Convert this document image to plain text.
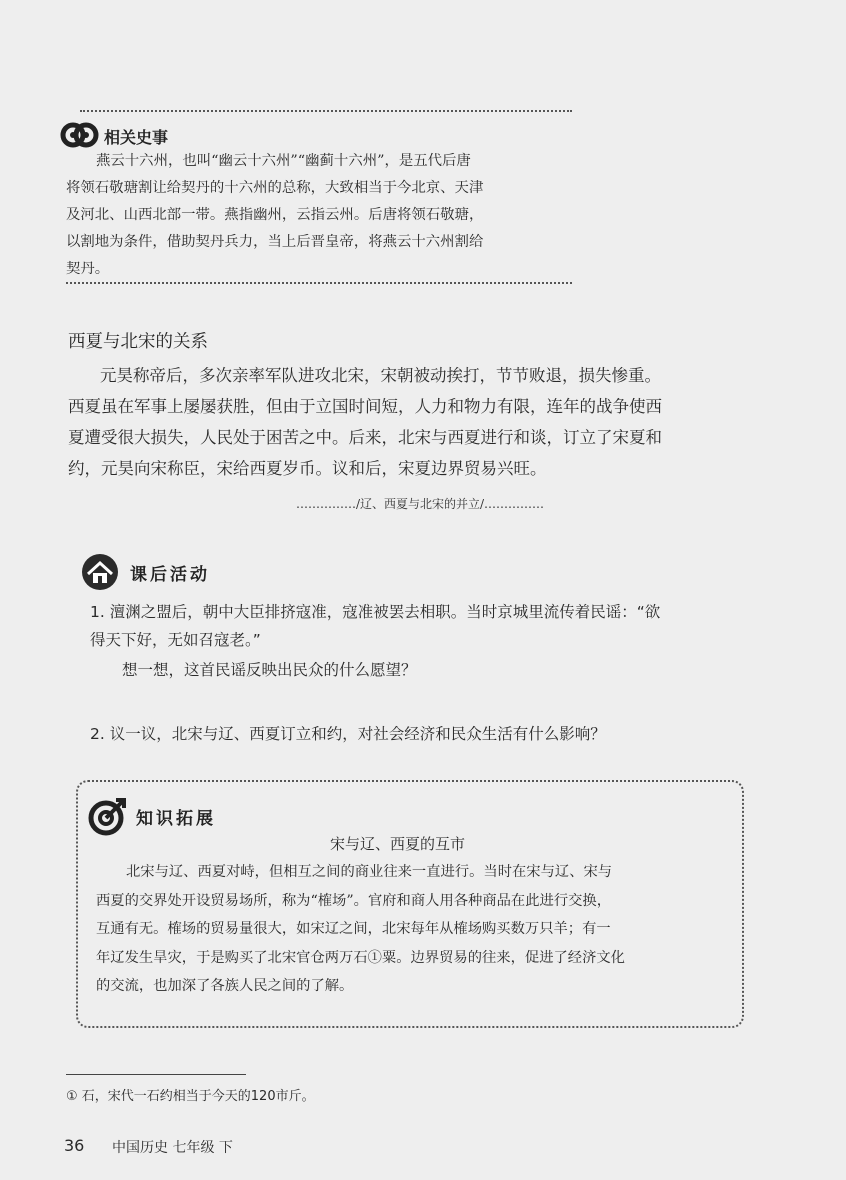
相关史事
燕云十六州，也叫“幽云十六州”“幽蓟十六州”，是五代后唐
将领石敬瑭割让给契丹的十六州的总称，大致相当于今北京、天津
及河北、山西北部一带。燕指幽州，云指云州。后唐将领石敬瑭，
以割地为条件，借助契丹兵力，当上后晋皇帝，将燕云十六州割给
契丹。
西夏与北宋的关系
元昊称帝后，多次亲率军队进攻北宋，宋朝被动挨打，节节败退，损失惨重。
西夏虽在军事上屡屡获胜，但由于立国时间短，人力和物力有限，连年的战争使西
夏遭受很大损失，人民处于困苦之中。后来，北宋与西夏进行和谈，订立了宋夏和
约，元昊向宋称臣，宋给西夏岁币。议和后，宋夏边界贸易兴旺。
……………/辽、西夏与北宋的并立/……………
课后活动
1. 澶渊之盟后，朝中大臣排挤寇准，寇准被罢去相职。当时京城里流传着民谣：“欲
得天下好，无如召寇老。”
想一想，这首民谣反映出民众的什么愿望？
2. 议一议，北宋与辽、西夏订立和约，对社会经济和民众生活有什么影响？
知识拓展
宋与辽、西夏的互市
北宋与辽、西夏对峙，但相互之间的商业往来一直进行。当时在宋与辽、宋与
西夏的交界处开设贸易场所，称为“榷场”。官府和商人用各种商品在此进行交换，
互通有无。榷场的贸易量很大，如宋辽之间，北宋每年从榷场购买数万只羊；有一
年辽发生旱灾，于是购买了北宋官仓两万石①粟。边界贸易的往来，促进了经济文化
的交流，也加深了各族人民之间的了解。
① 石，宋代一石约相当于今天的120市斤。
36 中国历史 七年级 下
